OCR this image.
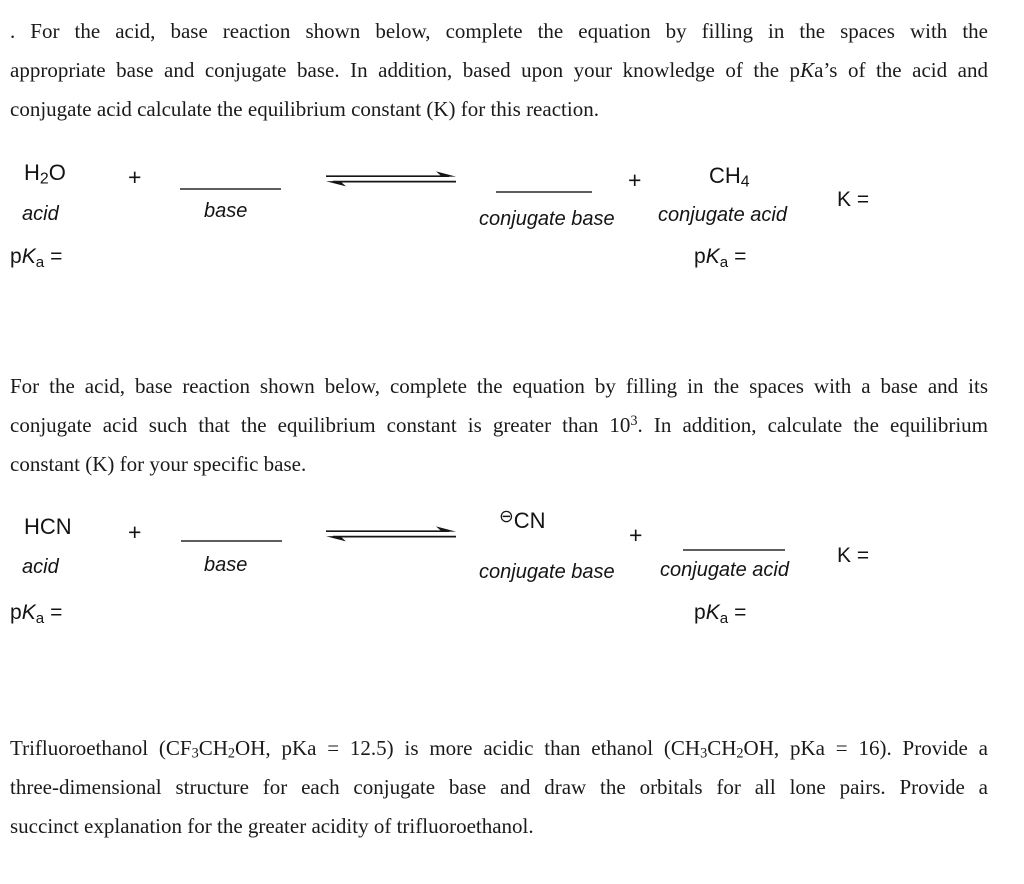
. For the acid, base reaction shown below, complete the equation by filling in the spaces with the
appropriate base and conjugate base. In addition, based upon your knowledge of the pKa’s of the acid and
conjugate acid calculate the equilibrium constant (K) for this reaction.
$H_2O$
acid
$pK_a$ =
+
base	conjugate base
+	$CH_4$
conjugate acid
K =
$pK_a$ =
For the acid, base reaction shown below, complete the equation by filling in the spaces with a base and its
conjugate acid such that the equilibrium constant is greater than $10^3$. In addition, calculate the equilibrium
constant (K) for your specific base.
HCN
acid
$pK_a$ =
+
base
⊖CN
conjugate base
+
conjugate acid
K =
$pK_a$ =
Trifluoroethanol ($CF_3CH_2OH$, pKa = 12.5) is more acidic than ethanol ($CH_3CH_2OH$, pKa = 16). Provide a
three-dimensional structure for each conjugate base and draw the orbitals for all lone pairs. Provide a
succinct explanation for the greater acidity of trifluoroethanol.
